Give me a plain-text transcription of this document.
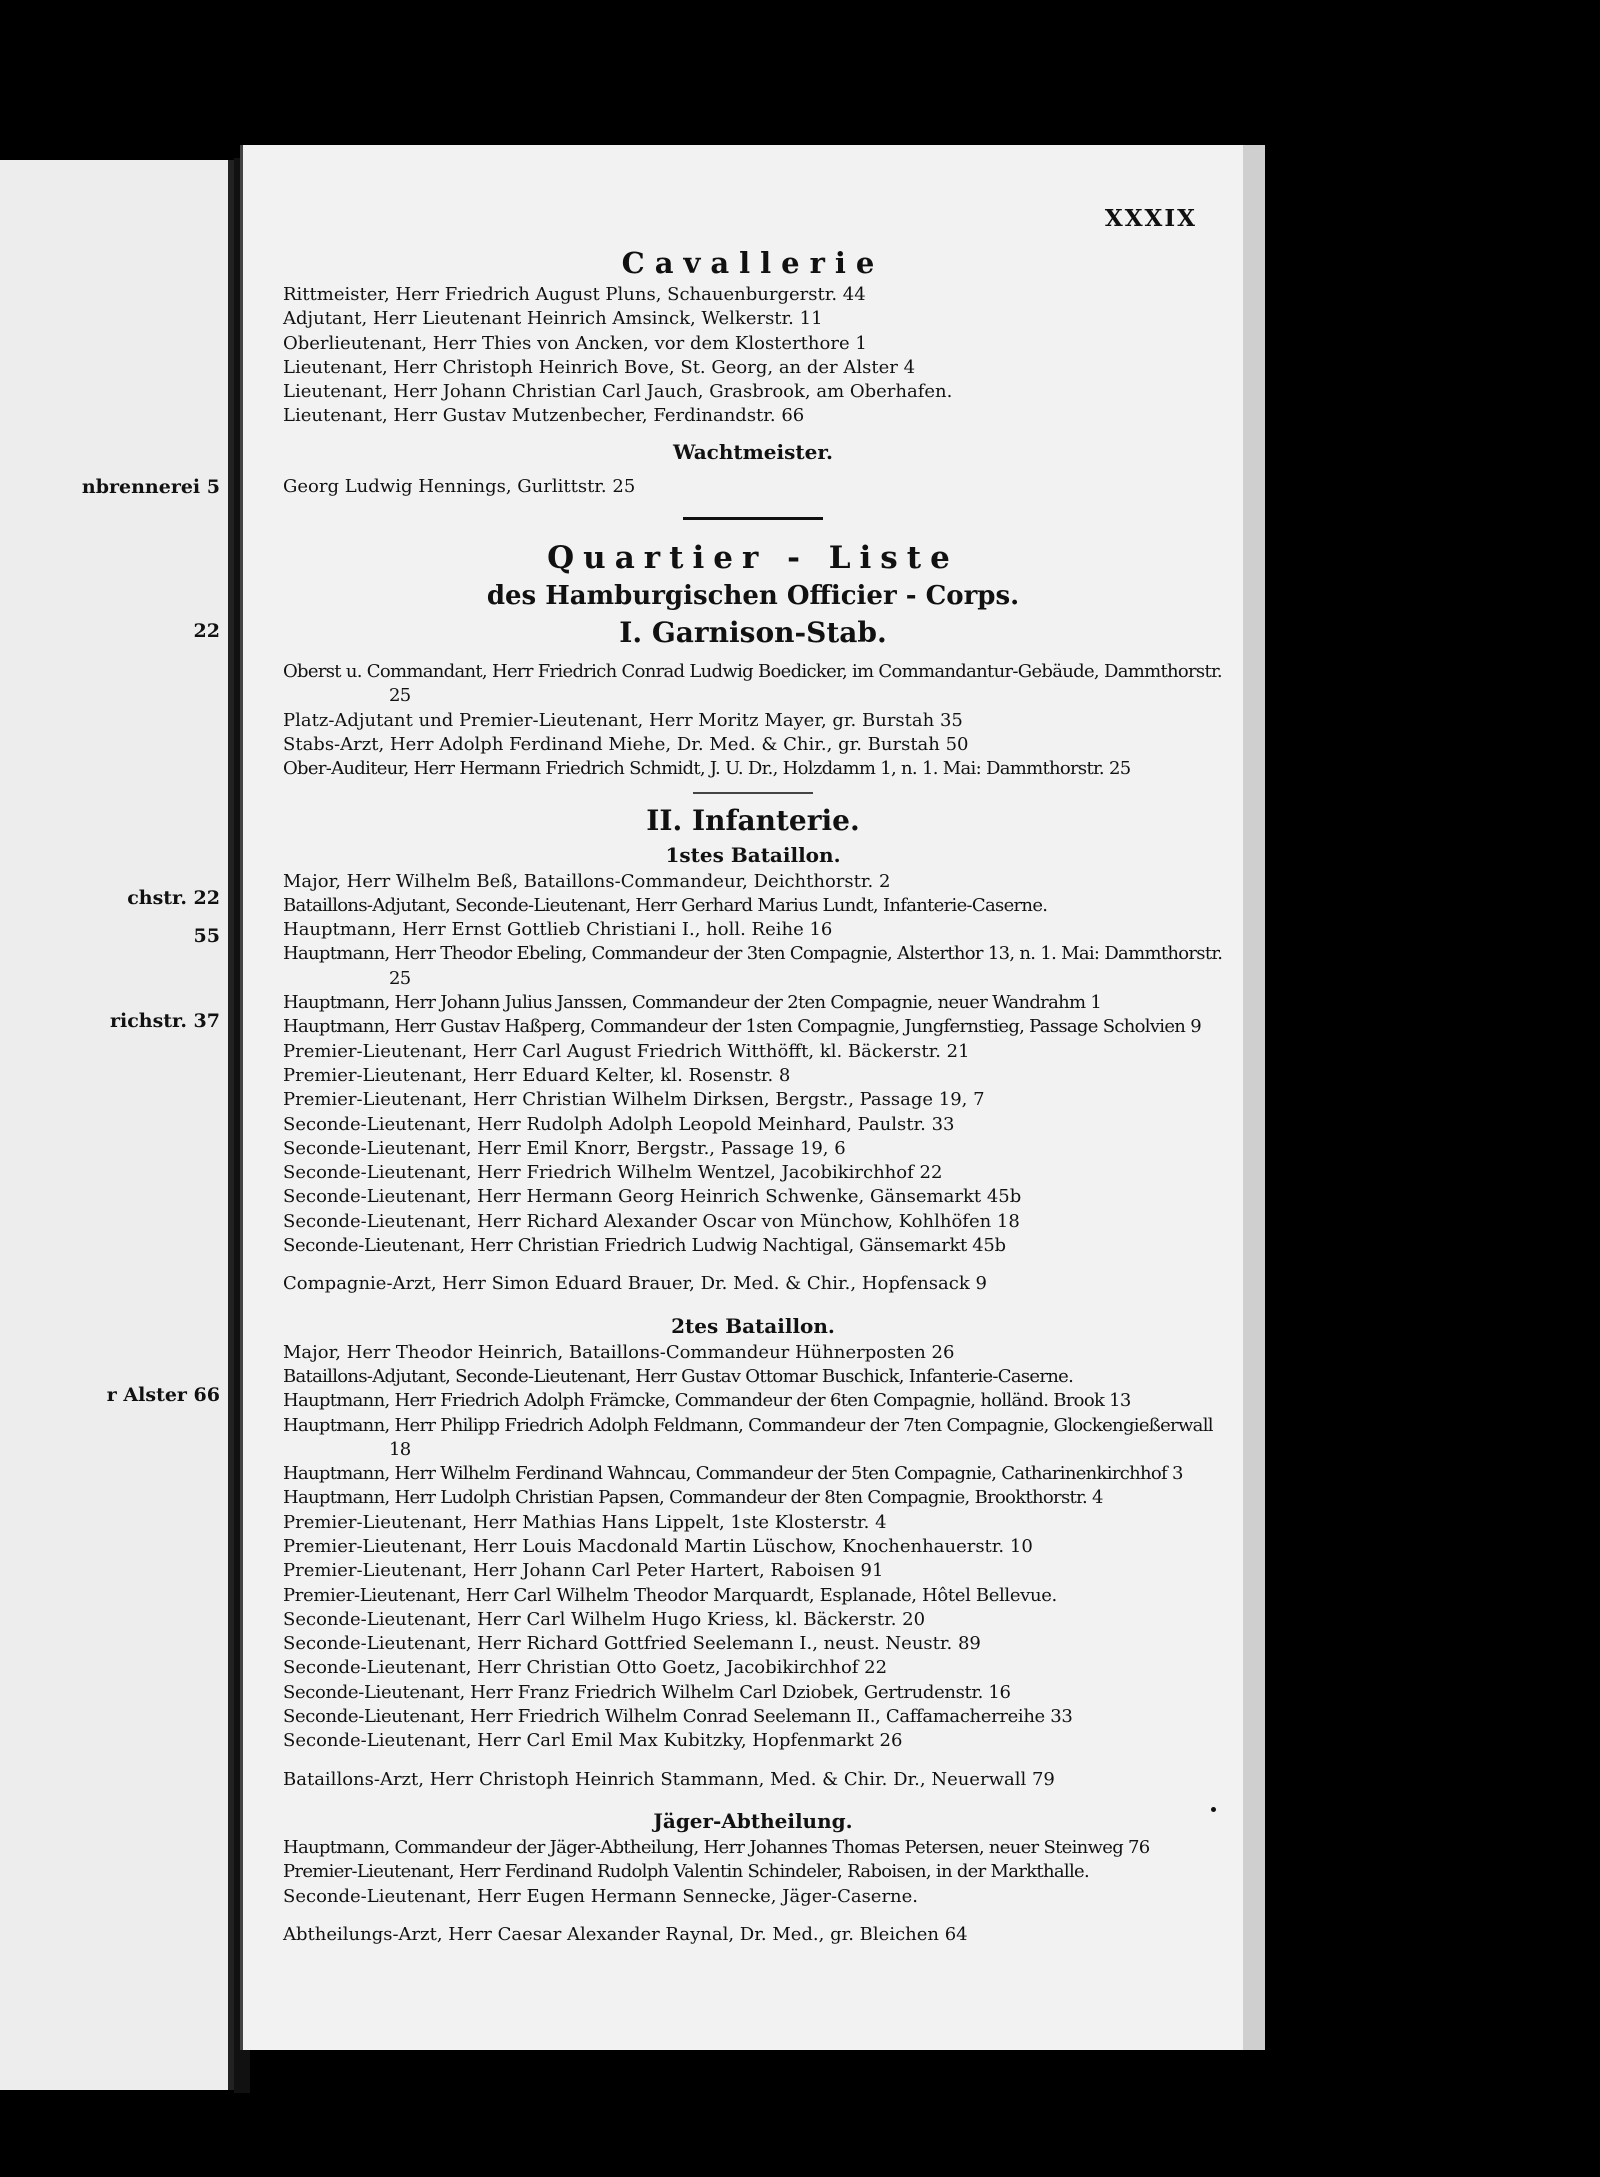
nbrennerei 5
22
chstr. 22
55
richstr. 37
r Alster 66
XXXIX
Cavallerie

Rittmeister, Herr Friedrich August Pluns, Schauenburgerstr. 44

Adjutant, Herr Lieutenant Heinrich Amsinck, Welkerstr. 11

Oberlieutenant, Herr Thies von Ancken, vor dem Klosterthore 1

Lieutenant, Herr Christoph Heinrich Bove, St. Georg, an der Alster 4

Lieutenant, Herr Johann Christian Carl Jauch, Grasbrook, am Oberhafen.

Lieutenant, Herr Gustav Mutzenbecher, Ferdinandstr. 66

Wachtmeister.

Georg Ludwig Hennings, Gurlittstr. 25

Quartier - Liste
des Hamburgischen Officier - Corps.
I. Garnison-Stab.

Oberst u. Commandant, Herr Friedrich Conrad Ludwig Boedicker, im Commandantur-Gebäude, Dammthorstr. 25

Platz-Adjutant und Premier-Lieutenant, Herr Moritz Mayer, gr. Burstah 35

Stabs-Arzt, Herr Adolph Ferdinand Miehe, Dr. Med. & Chir., gr. Burstah 50

Ober-Auditeur, Herr Hermann Friedrich Schmidt, J. U. Dr., Holzdamm 1, n. 1. Mai: Dammthorstr. 25

II. Infanterie.
1stes Bataillon.

Major, Herr Wilhelm Beß, Bataillons-Commandeur, Deichthorstr. 2

Bataillons-Adjutant, Seconde-Lieutenant, Herr Gerhard Marius Lundt, Infanterie-Caserne.

Hauptmann, Herr Ernst Gottlieb Christiani I., holl. Reihe 16

Hauptmann, Herr Theodor Ebeling, Commandeur der 3ten Compagnie, Alsterthor 13, n. 1. Mai: Dammthorstr. 25

Hauptmann, Herr Johann Julius Janssen, Commandeur der 2ten Compagnie, neuer Wandrahm 1

Hauptmann, Herr Gustav Haßperg, Commandeur der 1sten Compagnie, Jungfernstieg, Passage Scholvien 9

Premier-Lieutenant, Herr Carl August Friedrich Witthöfft, kl. Bäckerstr. 21

Premier-Lieutenant, Herr Eduard Kelter, kl. Rosenstr. 8

Premier-Lieutenant, Herr Christian Wilhelm Dirksen, Bergstr., Passage 19, 7

Seconde-Lieutenant, Herr Rudolph Adolph Leopold Meinhard, Paulstr. 33

Seconde-Lieutenant, Herr Emil Knorr, Bergstr., Passage 19, 6

Seconde-Lieutenant, Herr Friedrich Wilhelm Wentzel, Jacobikirchhof 22

Seconde-Lieutenant, Herr Hermann Georg Heinrich Schwenke, Gänsemarkt 45b

Seconde-Lieutenant, Herr Richard Alexander Oscar von Münchow, Kohlhöfen 18

Seconde-Lieutenant, Herr Christian Friedrich Ludwig Nachtigal, Gänsemarkt 45b

Compagnie-Arzt, Herr Simon Eduard Brauer, Dr. Med. & Chir., Hopfensack 9

2tes Bataillon.

Major, Herr Theodor Heinrich, Bataillons-Commandeur Hühnerposten 26

Bataillons-Adjutant, Seconde-Lieutenant, Herr Gustav Ottomar Buschick, Infanterie-Caserne.

Hauptmann, Herr Friedrich Adolph Främcke, Commandeur der 6ten Compagnie, holländ. Brook 13

Hauptmann, Herr Philipp Friedrich Adolph Feldmann, Commandeur der 7ten Compagnie, Glockengießerwall 18

Hauptmann, Herr Wilhelm Ferdinand Wahncau, Commandeur der 5ten Compagnie, Catharinenkirchhof 3

Hauptmann, Herr Ludolph Christian Papsen, Commandeur der 8ten Compagnie, Brookthorstr. 4

Premier-Lieutenant, Herr Mathias Hans Lippelt, 1ste Klosterstr. 4

Premier-Lieutenant, Herr Louis Macdonald Martin Lüschow, Knochenhauerstr. 10

Premier-Lieutenant, Herr Johann Carl Peter Hartert, Raboisen 91

Premier-Lieutenant, Herr Carl Wilhelm Theodor Marquardt, Esplanade, Hôtel Bellevue.

Seconde-Lieutenant, Herr Carl Wilhelm Hugo Kriess, kl. Bäckerstr. 20

Seconde-Lieutenant, Herr Richard Gottfried Seelemann I., neust. Neustr. 89

Seconde-Lieutenant, Herr Christian Otto Goetz, Jacobikirchhof 22

Seconde-Lieutenant, Herr Franz Friedrich Wilhelm Carl Dziobek, Gertrudenstr. 16

Seconde-Lieutenant, Herr Friedrich Wilhelm Conrad Seelemann II., Caffamacherreihe 33

Seconde-Lieutenant, Herr Carl Emil Max Kubitzky, Hopfenmarkt 26

Bataillons-Arzt, Herr Christoph Heinrich Stammann, Med. & Chir. Dr., Neuerwall 79

Jäger-Abtheilung.

Hauptmann, Commandeur der Jäger-Abtheilung, Herr Johannes Thomas Petersen, neuer Steinweg 76

Premier-Lieutenant, Herr Ferdinand Rudolph Valentin Schindeler, Raboisen, in der Markthalle.

Seconde-Lieutenant, Herr Eugen Hermann Sennecke, Jäger-Caserne.

Abtheilungs-Arzt, Herr Caesar Alexander Raynal, Dr. Med., gr. Bleichen 64
